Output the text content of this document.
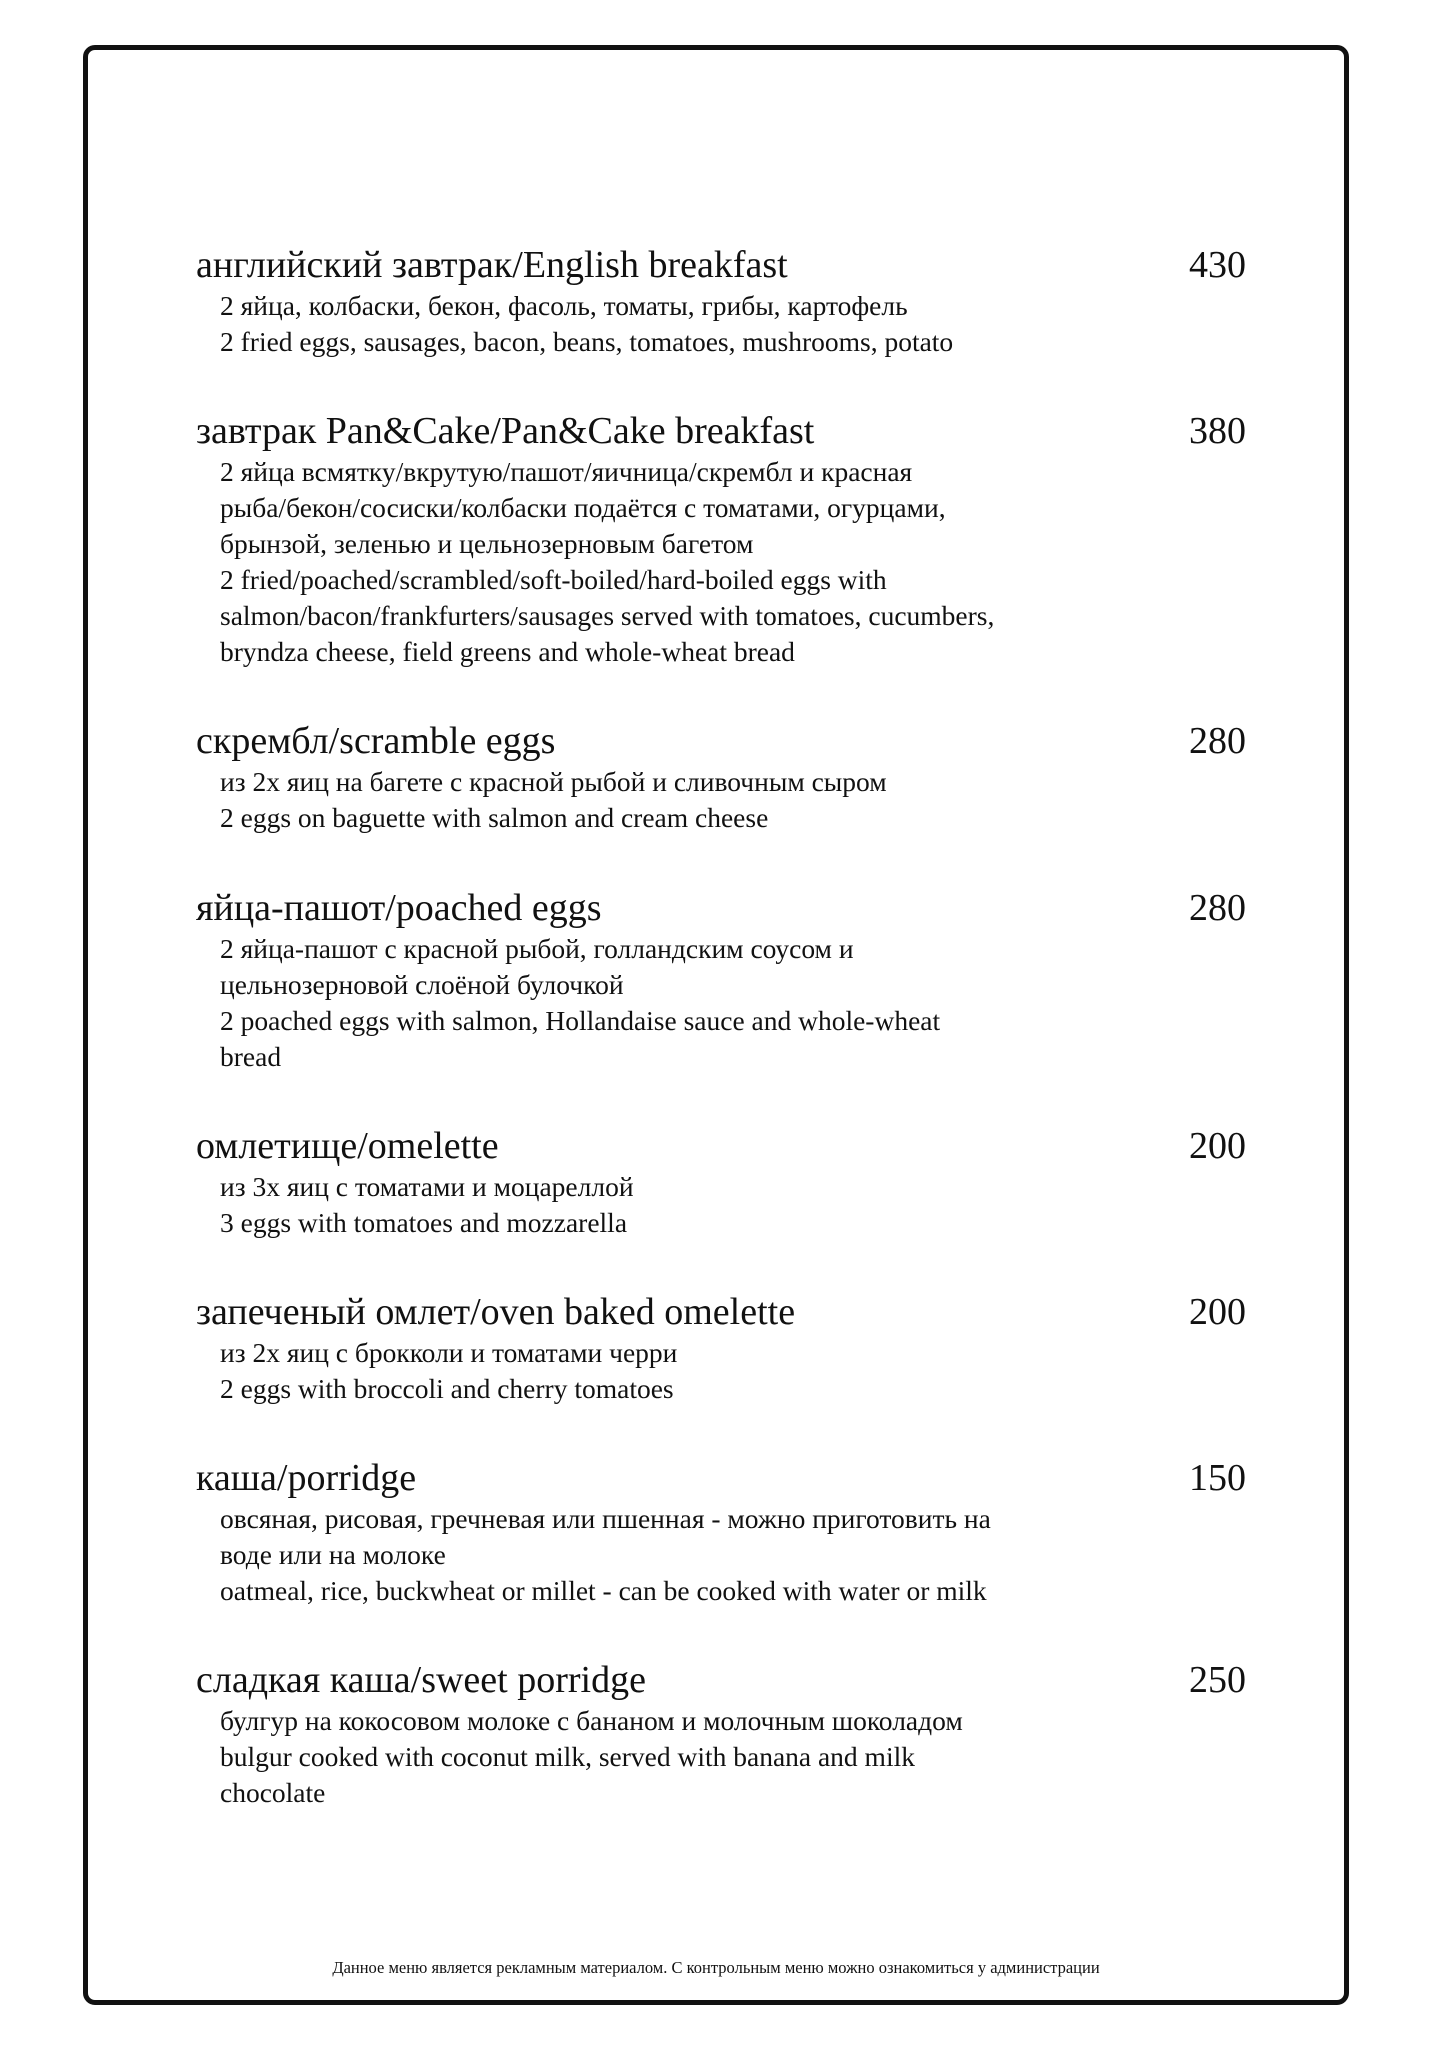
английский завтрак/English breakfast	430
2 яйца, колбаски, бекон, фасоль, томаты, грибы, картофель
2 fried eggs, sausages, bacon, beans, tomatoes, mushrooms, potato
завтрак Pan&Cake/Pan&Cake breakfast	380
2 яйца всмятку/вкрутую/пашот/яичница/скрембл и красная
рыба/бекон/сосиски/колбаски подаётся с томатами, огурцами,
брынзой, зеленью и цельнозерновым багетом
2 fried/poached/scrambled/soft-boiled/hard-boiled eggs with
salmon/bacon/frankfurters/sausages served with tomatoes, cucumbers,
bryndza cheese, field greens and whole-wheat bread
скрембл/scramble eggs	280
из 2х яиц на багете с красной рыбой и сливочным сыром
2 eggs on baguette with salmon and cream cheese
яйца-пашот/poached eggs	280
2 яйца-пашот с красной рыбой, голландским соусом и
цельнозерновой слоёной булочкой
2 poached eggs with salmon, Hollandaise sauce and whole-wheat
bread
омлетище/omelette	200
из 3х яиц с томатами и моцареллой
3 eggs with tomatoes and mozzarella
запеченый омлет/oven baked omelette	200
из 2х яиц с брокколи и томатами черри
2 eggs with broccoli and cherry tomatoes
каша/porridge	150
овсяная, рисовая, гречневая или пшенная - можно приготовить на
воде или на молоке
oatmeal, rice, buckwheat or millet - can be cooked with water or milk
сладкая каша/sweet porridge	250
булгур на кокосовом молоке с бананом и молочным шоколадом
bulgur cooked with coconut milk, served with banana and milk
chocolate
Данное меню является рекламным материалом. С контрольным меню можно ознакомиться у администрации
